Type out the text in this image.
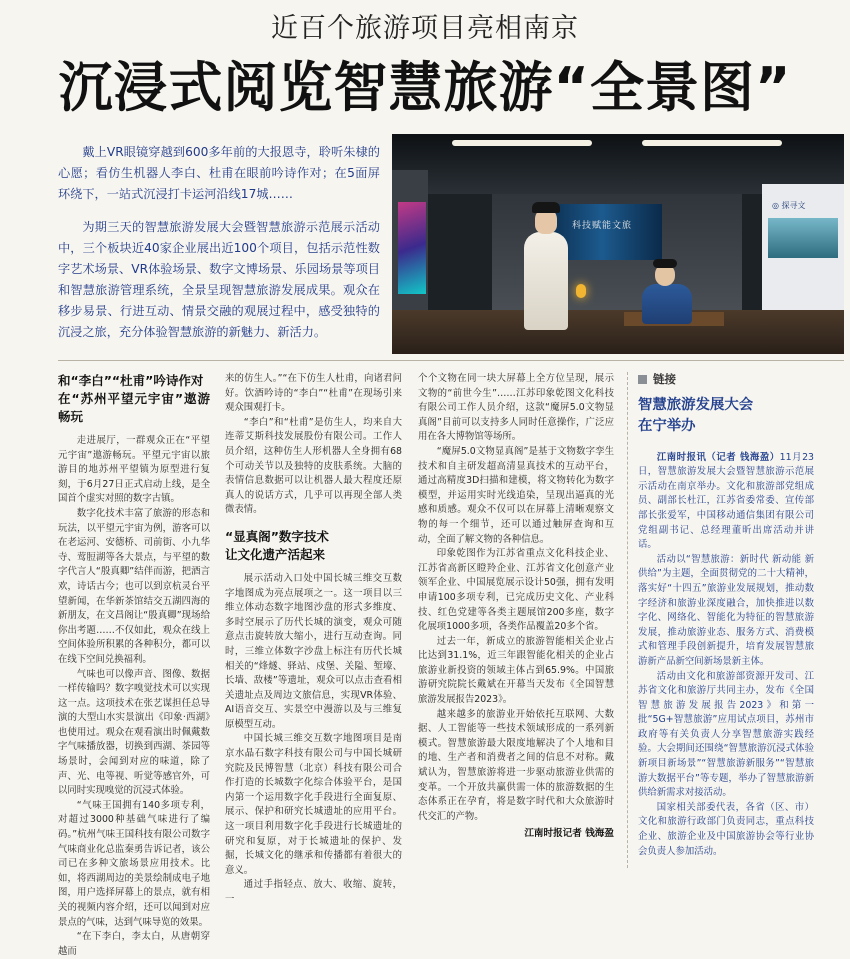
近百个旅游项目亮相南京
沉浸式阅览智慧旅游“全景图”

戴上VR眼镜穿越到600多年前的大报恩寺，聆听朱棣的心愿；看仿生机器人李白、杜甫在眼前吟诗作对；在5面屏环绕下，一站式沉浸打卡运河沿线17城……

为期三天的智慧旅游发展大会暨智慧旅游示范展示活动中，三个板块近40家企业展出近100个项目，包括示范性数字艺术场景、VR体验场景、数字文博场景、乐园场景等项目和智慧旅游管理系统，全景呈现智慧旅游发展成果。观众在移步易景、行进互动、情景交融的观展过程中，感受独特的沉浸之旅，充分体验智慧旅游的新魅力、新活力。

科技赋能文旅
◎ 探寻文
和“李白”“杜甫”吟诗作对
在“苏州平望元宇宙”遨游畅玩

走进展厅，一群观众正在“平望元宇宙”遨游畅玩。平望元宇宙以旅游目的地苏州平望镇为原型进行复刻，于6月27日正式启动上线，是全国首个虚实对照的数字古镇。

数字化技术丰富了旅游的形态和玩法，以平望元宇宙为例，游客可以在老运河、安德桥、司前街、小九华寺、莺脰湖等各大景点，与平望的数字代言人“殷真卿”结伴而游，把酒言欢，诗话古今；也可以到京杭灵台平望新闻，在华新茶馆结交五湖四海的新朋友，在文昌阁让“殷真卿”现场给你出考题……不仅如此，观众在线上空间体验所积累的各种积分，都可以在线下空间兑换福利。

气味也可以像声音、图像、数据一样传输吗？数字嗅觉技术可以实现这一点。这项技术在张艺谋担任总导演的大型山水实景演出《印象·西湖》也使用过。观众在观看演出时佩戴数字气味播放器，切换到西湖、茶园等场景时，会闻到对应的味道，除了声、光、电等视、听觉等感官外，可以同时实现嗅觉的沉浸式体验。

“气味王国拥有140多项专利，对超过3000种基础气味进行了编码。”杭州气味王国科技有限公司数字气味商业化总监秦勇告诉记者，该公司已在多种文旅场景应用技术。比如，将西湖周边的美景绘制成电子地图，用户选择屏幕上的景点，就有相关的视频内容介绍，还可以闻到对应景点的气味，达到气味导览的效果。

“在下李白，李太白，从唐朝穿越而

来的仿生人。”“在下仿生人杜甫，向诸君问好。饮酒吟诗的“李白”“杜甫”在现场引来观众围观打卡。

“李白”和“杜甫”是仿生人，均来自大连蒂艾斯科技发展股份有限公司。工作人员介绍，这种仿生人形机器人全身拥有68个可动关节以及独特的皮肤系统。大脑的表情信息数据可以让机器人最大程度还原真人的说话方式，几乎可以再现全部人类微表情。

“显真阁”数字技术
让文化遗产活起来

展示活动入口处中国长城三维交互数字地图成为亮点展项之一。这一项目以三维立体动态数字地图沙盘的形式多维度、多时空展示了历代长城的演变，观众可随意点击旋转放大缩小，进行互动查询。同时，三维立体数字沙盘上标注有历代长城相关的“烽燧、驿站、戍堡、关隘、堑壕、长墙、敌楼”等遗址，观众可以点击查看相关遗址点及周边文旅信息，实现VR体验、AI语音交互、实景空中漫游以及与三维复原模型互动。

中国长城三维交互数字地图项目是南京水晶石数字科技有限公司与中国长城研究院及民博智慧（北京）科技有限公司合作打造的长城数字化综合体验平台，是国内第一个运用数字化手段进行全面复原、展示、保护和研究长城遗址的应用平台。这一项目利用数字化手段进行长城遗址的研究和复原，对于长城遗址的保护、发掘，长城文化的继承和传播都有着很大的意义。

通过手指轻点、放大、收缩、旋转，一

个个文物在同一块大屏幕上全方位呈现，展示文物的“前世今生”……江苏印象乾图文化科技有限公司工作人员介绍，这款“魔屏5.0文物显真阁”目前可以支持多人同时任意操作，广泛应用在各大博物馆等场所。

“魔屏5.0文物显真阁”是基于文物数字孪生技术和自主研发超高清显真技术的互动平台，通过高精度3D扫描和建模，将文物转化为数字模型，并运用实时光线追染，呈现出逼真的光感和质感。观众不仅可以在屏幕上清晰观察文物的每一个细节，还可以通过触屏查询和互动，全面了解文物的各种信息。

印象乾图作为江苏省重点文化科技企业、江苏省高新区瞪羚企业、江苏省文化创意产业领军企业、中国展览展示设计50强，拥有发明申请100多项专利，已完成历史文化、产业科技、红色党建等各类主题展馆200多座，数字化展项1000多项，各类作品覆盖20多个省。

过去一年，新成立的旅游智能相关企业占比达到31.1%，近三年跟智能化相关的企业占旅游业新投资的领域主体占到65.9%。中国旅游研究院院长戴斌在开幕当天发布《全国智慧旅游发展报告2023》。

越来越多的旅游业开始依托互联网、大数据、人工智能等一些技术领域形成的一系列新模式。智慧旅游最大限度地解决了个人地和目的地、生产者和消费者之间的信息不对称。戴斌认为，智慧旅游将进一步驱动旅游业供需的变革。一个开放共赢供需一体的旅游数据的生态体系正在孕育，将是数字时代和大众旅游时代交汇的产物。

江南时报记者 钱海盈

链接
智慧旅游发展大会
在宁举办

江南时报讯（记者 钱海盈）11月23日，智慧旅游发展大会暨智慧旅游示范展示活动在南京举办。文化和旅游部党组成员、副部长杜江，江苏省委常委、宣传部部长张爱军，中国移动通信集团有限公司党组副书记、总经理董昕出席活动并讲话。

活动以“智慧旅游：新时代 新动能 新供给”为主题，全面贯彻党的二十大精神，落实好“十四五”旅游业发展规划，推动数字经济和旅游业深度融合，加快推进以数字化、网络化、智能化为特征的智慧旅游发展，推动旅游业态、服务方式、消费模式和管理手段创新提升，培育发展智慧旅游新产品新空间新场景新主体。

活动由文化和旅游部资源开发司、江苏省文化和旅游厅共同主办，发布《全国智慧旅游发展报告2023》和第一批“5G+智慧旅游”应用试点项目，苏州市政府等有关负责人分享智慧旅游实践经验。大会期间还围绕“智慧旅游沉浸式体验新项目新场景”“智慧旅游新服务”“智慧旅游大数据平台”等专题，举办了智慧旅游新供给新需求对接活动。

国家相关部委代表，各省（区、市）文化和旅游行政部门负责同志，重点科技企业、旅游企业及中国旅游协会等行业协会负责人参加活动。
